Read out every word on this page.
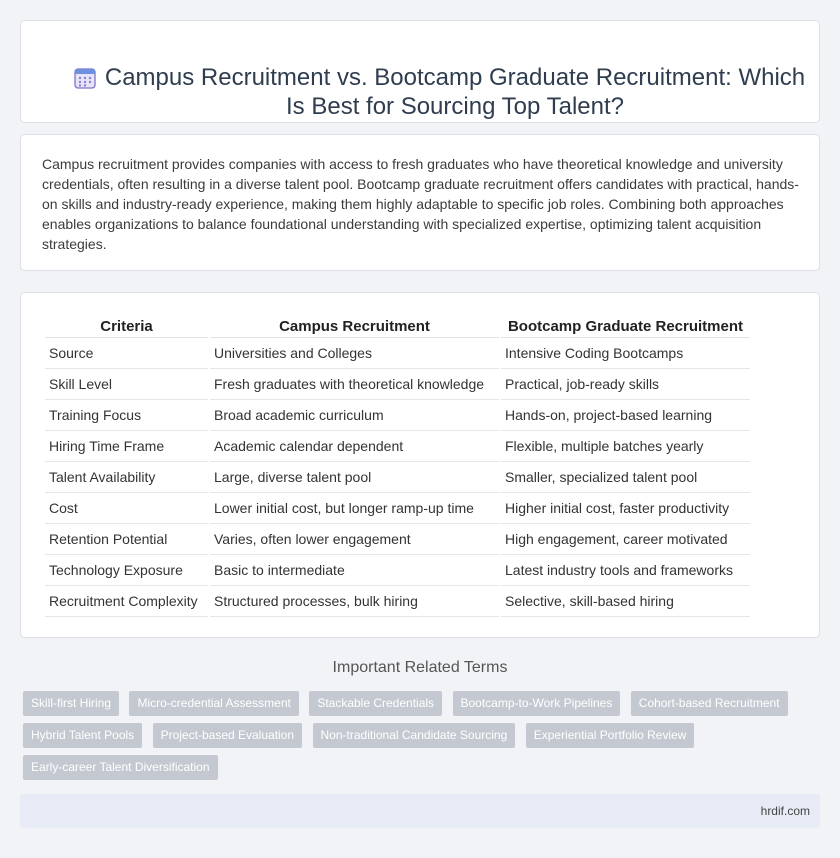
Campus Recruitment vs. Bootcamp Graduate Recruitment: Which Is Best for Sourcing Top Talent?

Campus recruitment provides companies with access to fresh graduates who have theoretical knowledge and university credentials, often resulting in a diverse talent pool. Bootcamp graduate recruitment offers candidates with practical, hands-on skills and industry-ready experience, making them highly adaptable to specific job roles. Combining both approaches enables organizations to balance foundational understanding with specialized expertise, optimizing talent acquisition strategies.

Criteria	Campus Recruitment	Bootcamp Graduate Recruitment
Source	Universities and Colleges	Intensive Coding Bootcamps
Skill Level	Fresh graduates with theoretical knowledge	Practical, job-ready skills
Training Focus	Broad academic curriculum	Hands-on, project-based learning
Hiring Time Frame	Academic calendar dependent	Flexible, multiple batches yearly
Talent Availability	Large, diverse talent pool	Smaller, specialized talent pool
Cost	Lower initial cost, but longer ramp-up time	Higher initial cost, faster productivity
Retention Potential	Varies, often lower engagement	High engagement, career motivated
Technology Exposure	Basic to intermediate	Latest industry tools and frameworks
Recruitment Complexity	Structured processes, bulk hiring	Selective, skill-based hiring
Important Related Terms
Skill-first Hiring Micro-credential Assessment Stackable Credentials Bootcamp-to-Work Pipelines Cohort-based Recruitment Hybrid Talent Pools Project-based Evaluation Non-traditional Candidate Sourcing Experiential Portfolio Review Early-career Talent Diversification
hrdif.com
